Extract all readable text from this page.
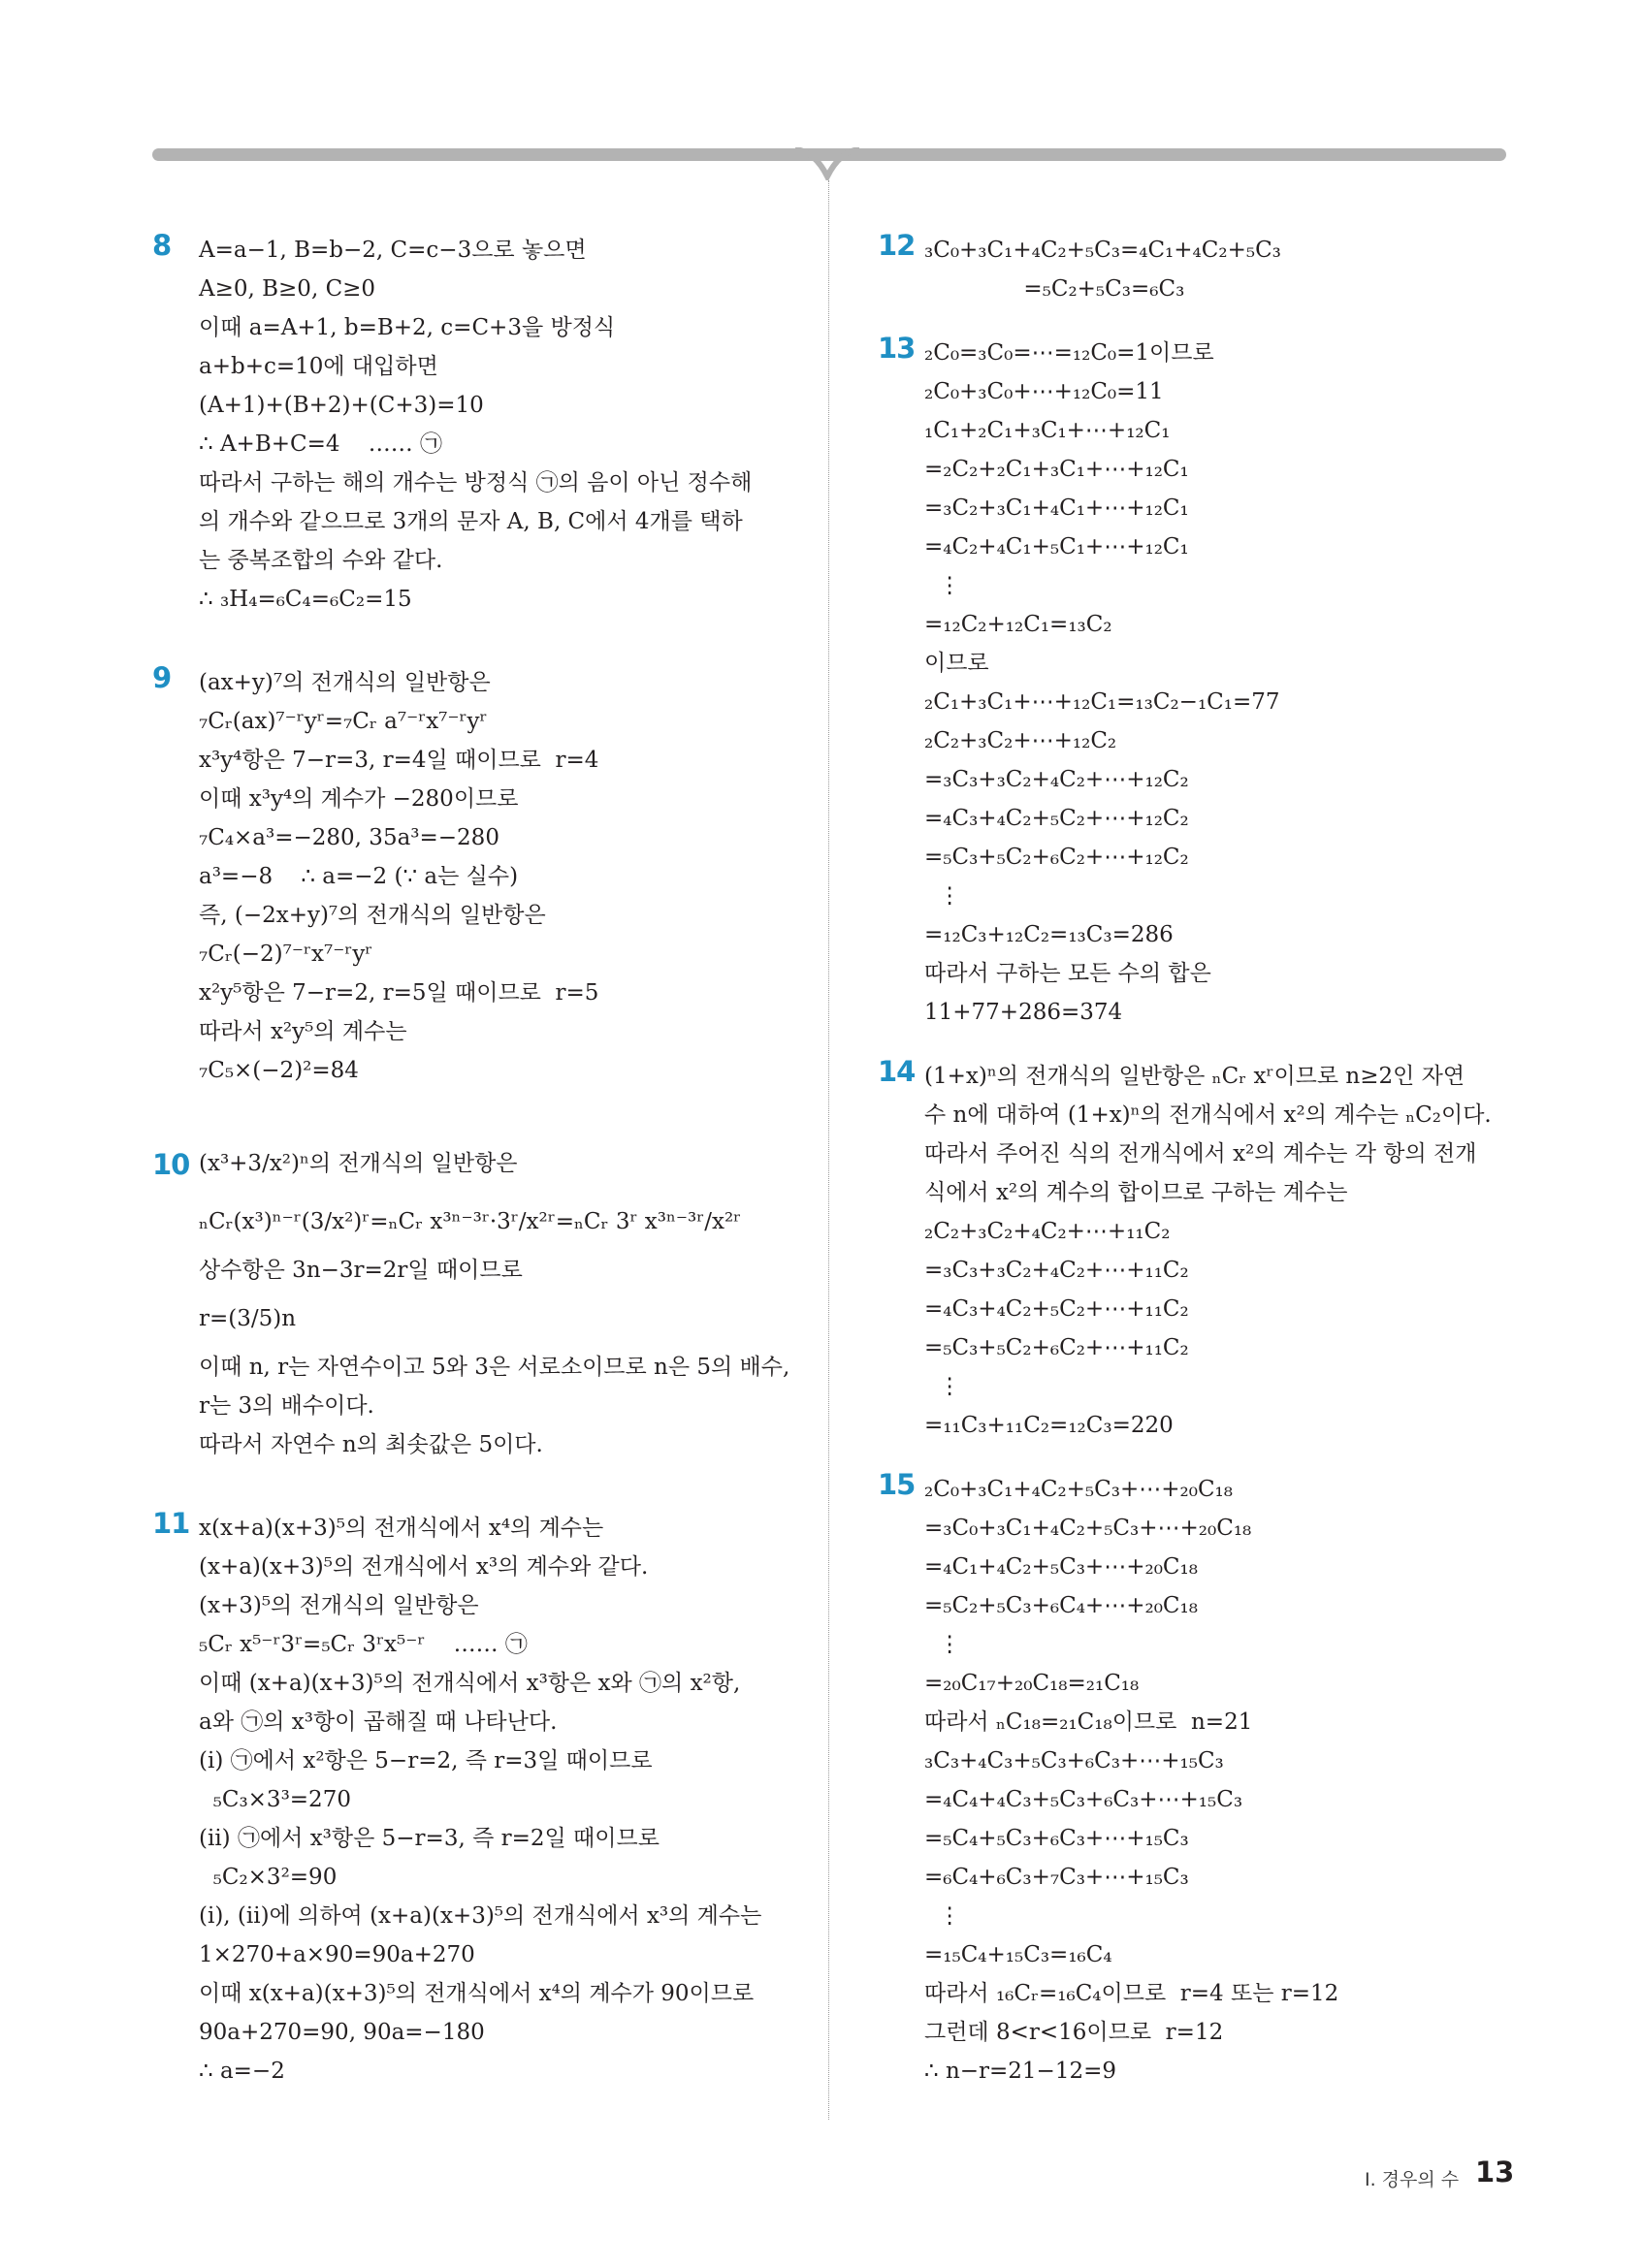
8 A=a−1, B=b−2, C=c−3으로 놓으면
A≥0, B≥0, C≥0
이때 a=A+1, b=B+2, c=C+3을 방정식
a+b+c=10에 대입하면
(A+1)+(B+2)+(C+3)=10
∴ A+B+C=4    …… ㉠
따라서 구하는 해의 개수는 방정식 ㉠의 음이 아닌 정수해
의 개수와 같으므로 3개의 문자 A, B, C에서 4개를 택하
는 중복조합의 수와 같다.
∴ ₃H₄=₆C₄=₆C₂=15
9 (ax+y)⁷의 전개식의 일반항은
₇Cᵣ(ax)⁷⁻ʳyʳ=₇Cᵣ a⁷⁻ʳx⁷⁻ʳyʳ
x³y⁴항은 7−r=3, r=4일 때이므로  r=4
이때 x³y⁴의 계수가 −280이므로
₇C₄×a³=−280, 35a³=−280
a³=−8    ∴ a=−2 (∵ a는 실수)
즉, (−2x+y)⁷의 전개식의 일반항은
₇Cᵣ(−2)⁷⁻ʳx⁷⁻ʳyʳ
x²y⁵항은 7−r=2, r=5일 때이므로  r=5
따라서 x²y⁵의 계수는
₇C₅×(−2)²=84
10 (x³+3/x²)ⁿ의 전개식의 일반항은
ₙCᵣ(x³)ⁿ⁻ʳ(3/x²)ʳ=ₙCᵣ x³ⁿ⁻³ʳ·3ʳ/x²ʳ=ₙCᵣ 3ʳ x³ⁿ⁻³ʳ/x²ʳ
상수항은 3n−3r=2r일 때이므로
r=(3/5)n
이때 n, r는 자연수이고 5와 3은 서로소이므로 n은 5의 배수,
r는 3의 배수이다.
따라서 자연수 n의 최솟값은 5이다.
11 x(x+a)(x+3)⁵의 전개식에서 x⁴의 계수는
(x+a)(x+3)⁵의 전개식에서 x³의 계수와 같다.
(x+3)⁵의 전개식의 일반항은
₅Cᵣ x⁵⁻ʳ3ʳ=₅Cᵣ 3ʳx⁵⁻ʳ    …… ㉠
이때 (x+a)(x+3)⁵의 전개식에서 x³항은 x와 ㉠의 x²항,
a와 ㉠의 x³항이 곱해질 때 나타난다.
(ⅰ) ㉠에서 x²항은 5−r=2, 즉 r=3일 때이므로
₅C₃×3³=270
(ⅱ) ㉠에서 x³항은 5−r=3, 즉 r=2일 때이므로
₅C₂×3²=90
(ⅰ), (ⅱ)에 의하여 (x+a)(x+3)⁵의 전개식에서 x³의 계수는
1×270+a×90=90a+270
이때 x(x+a)(x+3)⁵의 전개식에서 x⁴의 계수가 90이므로
90a+270=90, 90a=−180
∴ a=−2
12 ₃C₀+₃C₁+₄C₂+₅C₃=₄C₁+₄C₂+₅C₃
=₅C₂+₅C₃=₆C₃
13 ₂C₀=₃C₀=⋯=₁₂C₀=1이므로
₂C₀+₃C₀+⋯+₁₂C₀=11
₁C₁+₂C₁+₃C₁+⋯+₁₂C₁
=₂C₂+₂C₁+₃C₁+⋯+₁₂C₁
=₃C₂+₃C₁+₄C₁+⋯+₁₂C₁
=₄C₂+₄C₁+₅C₁+⋯+₁₂C₁
⋮
=₁₂C₂+₁₂C₁=₁₃C₂
이므로
₂C₁+₃C₁+⋯+₁₂C₁=₁₃C₂−₁C₁=77
₂C₂+₃C₂+⋯+₁₂C₂
=₃C₃+₃C₂+₄C₂+⋯+₁₂C₂
=₄C₃+₄C₂+₅C₂+⋯+₁₂C₂
=₅C₃+₅C₂+₆C₂+⋯+₁₂C₂
⋮
=₁₂C₃+₁₂C₂=₁₃C₃=286
따라서 구하는 모든 수의 합은
11+77+286=374
14 (1+x)ⁿ의 전개식의 일반항은 ₙCᵣ xʳ이므로 n≥2인 자연
수 n에 대하여 (1+x)ⁿ의 전개식에서 x²의 계수는 ₙC₂이다.
따라서 주어진 식의 전개식에서 x²의 계수는 각 항의 전개
식에서 x²의 계수의 합이므로 구하는 계수는
₂C₂+₃C₂+₄C₂+⋯+₁₁C₂
=₃C₃+₃C₂+₄C₂+⋯+₁₁C₂
=₄C₃+₄C₂+₅C₂+⋯+₁₁C₂
=₅C₃+₅C₂+₆C₂+⋯+₁₁C₂
⋮
=₁₁C₃+₁₁C₂=₁₂C₃=220
15 ₂C₀+₃C₁+₄C₂+₅C₃+⋯+₂₀C₁₈
=₃C₀+₃C₁+₄C₂+₅C₃+⋯+₂₀C₁₈
=₄C₁+₄C₂+₅C₃+⋯+₂₀C₁₈
=₅C₂+₅C₃+₆C₄+⋯+₂₀C₁₈
⋮
=₂₀C₁₇+₂₀C₁₈=₂₁C₁₈
따라서 ₙC₁₈=₂₁C₁₈이므로  n=21
₃C₃+₄C₃+₅C₃+₆C₃+⋯+₁₅C₃
=₄C₄+₄C₃+₅C₃+₆C₃+⋯+₁₅C₃
=₅C₄+₅C₃+₆C₃+⋯+₁₅C₃
=₆C₄+₆C₃+₇C₃+⋯+₁₅C₃
⋮
=₁₅C₄+₁₅C₃=₁₆C₄
따라서 ₁₆Cᵣ=₁₆C₄이므로  r=4 또는 r=12
그런데 8<r<16이므로  r=12
∴ n−r=21−12=9
I. 경우의 수 13
